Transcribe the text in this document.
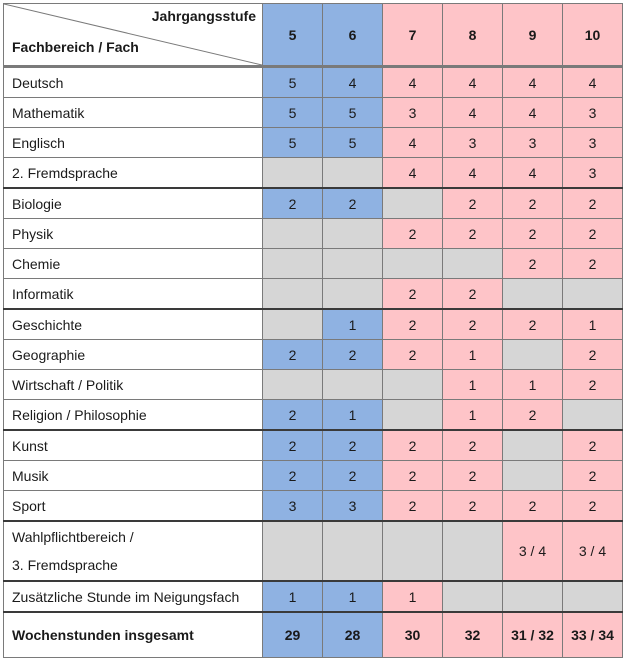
Jahrgangsstufe
Fachbereich / Fach	5	6	7	8	9	10
Deutsch	5	4	4	4	4	4
Mathematik	5	5	3	4	4	3
Englisch	5	5	4	3	3	3
2. Fremdsprache			4	4	4	3
Biologie	2	2		2	2	2
Physik			2	2	2	2
Chemie					2	2
Informatik			2	2		
Geschichte		1	2	2	2	1
Geographie	2	2	2	1		2
Wirtschaft / Politik				1	1	2
Religion / Philosophie	2	1		1	2	
Kunst	2	2	2	2		2
Musik	2	2	2	2		2
Sport	3	3	2	2	2	2

Wahlpflichtbereich /
3. Fremdsprache					3 / 4	3 / 4
Zusätzliche Stunde im Neigungsfach	1	1	1			
Wochenstunden insgesamt	29	28	30	32	31 / 32	33 / 34
